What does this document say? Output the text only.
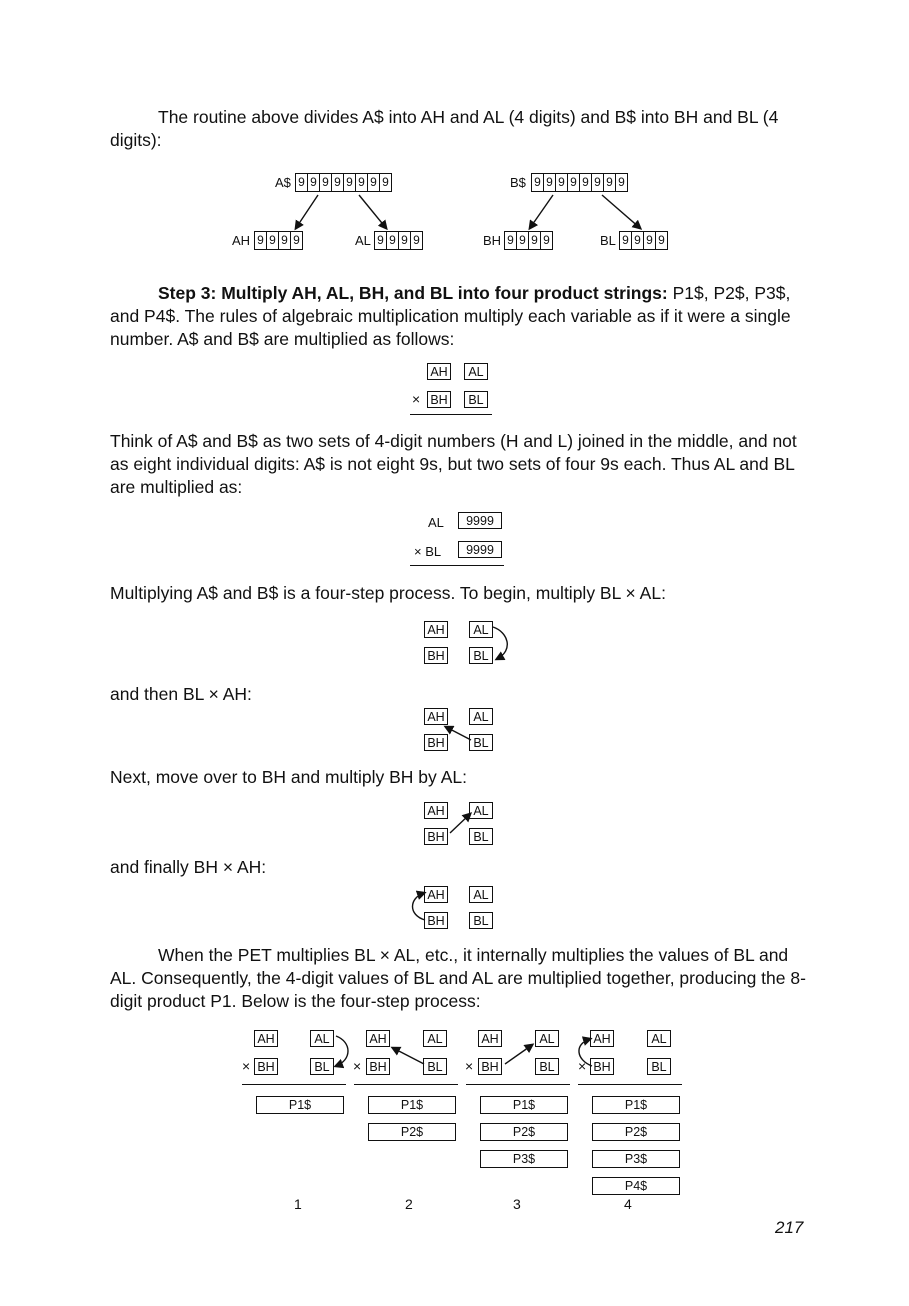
The routine above divides A$ into AH and AL (4 digits) and B$ into BH and BL (4 digits):

A$ 9 9 9 9 9 9 9 9	B$ 9 9 9 9 9 9 9 9
AH 9 9 9 9	AL 9 9 9 9	BH 9 9 9 9	BL 9 9 9 9

Step 3: Multiply AH, AL, BH, and BL into four product strings: P1$, P2$, P3$, and P4$. The rules of algebraic multiplication multiply each variable as if it were a single number. A$ and B$ are multiplied as follows:

AH	AL
× BH	BL

Think of A$ and B$ as two sets of 4-digit numbers (H and L) joined in the middle, and not as eight individual digits: A$ is not eight 9s, but two sets of four 9s each. Thus AL and BL are multiplied as:

AL	9999
× BL	9999

Multiplying A$ and B$ is a four-step process. To begin, multiply BL × AL:

AH	AL
BH	BL

and then BL × AH:

AH	AL
BH	BL

Next, move over to BH and multiply BH by AL:

AH	AL
BH	BL

and finally BH × AH:

AH	AL
BH	BL

When the PET multiplies BL × AL, etc., it internally multiplies the values of BL and AL. Consequently, the 4-digit values of BL and AL are multiplied together, producing the 8-digit product P1. Below is the four-step process:

AH	AL
× BH	BL
P1$
AH	AL
× BH	BL
P1$
P2$
AH	AL
× BH	BL
P1$
P2$
P3$
AH	AL
× BH	BL
P1$
P2$
P3$
P4$
1	2	3	4
217
